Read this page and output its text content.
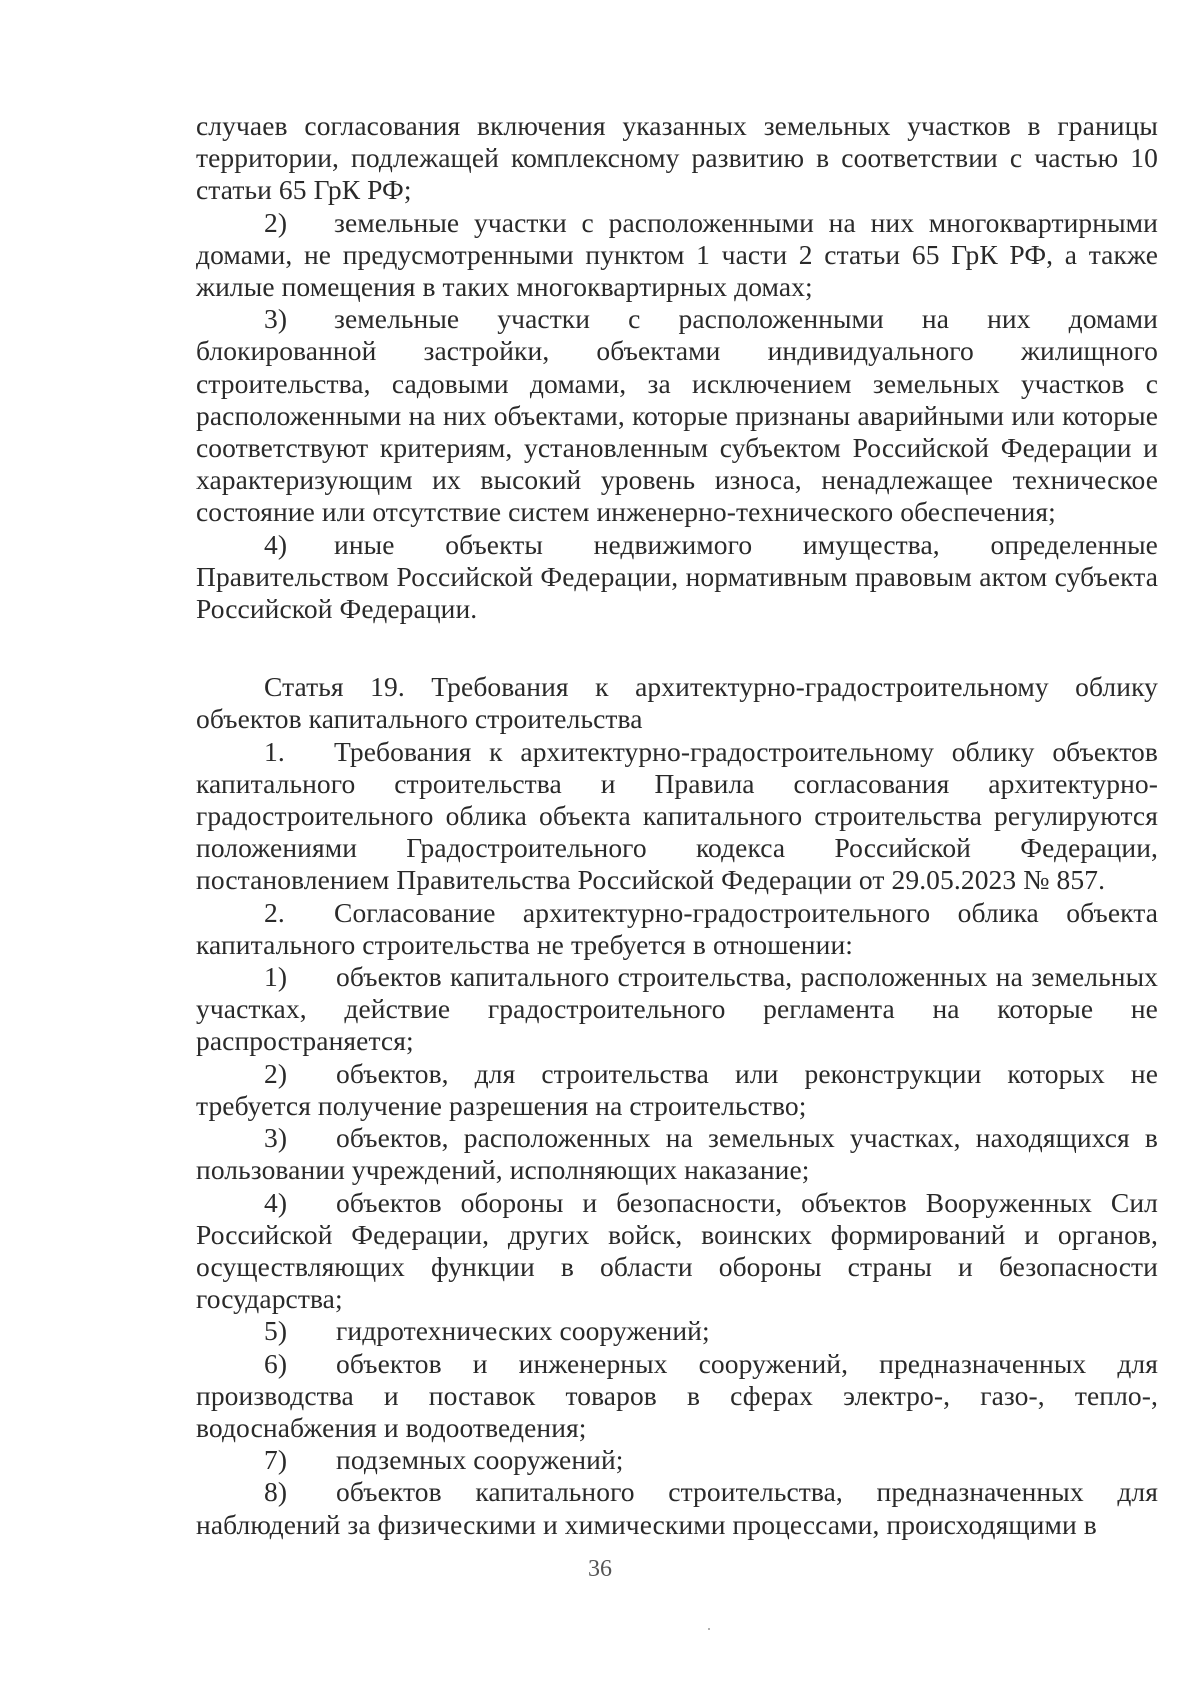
случаев согласования включения указанных земельных участков в границы территории, подлежащей комплексному развитию в соответствии с частью 10 статьи 65 ГрК РФ;

2) земельные участки с расположенными на них многоквартирными домами, не предусмотренными пунктом 1 части 2 статьи 65 ГрК РФ, а также жилые помещения в таких многоквартирных домах;

3) земельные участки с расположенными на них домами блокированной застройки, объектами индивидуального жилищного строительства, садовыми домами, за исключением земельных участков с расположенными на них объектами, которые признаны аварийными или которые соответствуют критериям, установленным субъектом Российской Федерации и характеризующим их высокий уровень износа, ненадлежащее техническое состояние или отсутствие систем инженерно-технического обеспечения;

4) иные объекты недвижимого имущества, определенные Правительством Российской Федерации, нормативным правовым актом субъекта Российской Федерации.

Статья 19. Требования к архитектурно-градостроительному облику объектов капитального строительства

1. Требования к архитектурно-градостроительному облику объектов капитального строительства и Правила согласования архитектурно-градостроительного облика объекта капитального строительства регулируются положениями Градостроительного кодекса Российской Федерации, постановлением Правительства Российской Федерации от 29.05.2023 № 857.

2. Согласование архитектурно-градостроительного облика объекта капитального строительства не требуется в отношении:

1) объектов капитального строительства, расположенных на земельных участках, действие градостроительного регламента на которые не распространяется;

2) объектов, для строительства или реконструкции которых не требуется получение разрешения на строительство;

3) объектов, расположенных на земельных участках, находящихся в пользовании учреждений, исполняющих наказание;

4) объектов обороны и безопасности, объектов Вооруженных Сил Российской Федерации, других войск, воинских формирований и органов, осуществляющих функции в области обороны страны и безопасности государства;

5) гидротехнических сооружений;

6) объектов и инженерных сооружений, предназначенных для производства и поставок товаров в сферах электро-, газо-, тепло-, водоснабжения и водоотведения;

7) подземных сооружений;

8) объектов капитального строительства, предназначенных для наблюдений за физическими и химическими процессами, происходящими в

36
